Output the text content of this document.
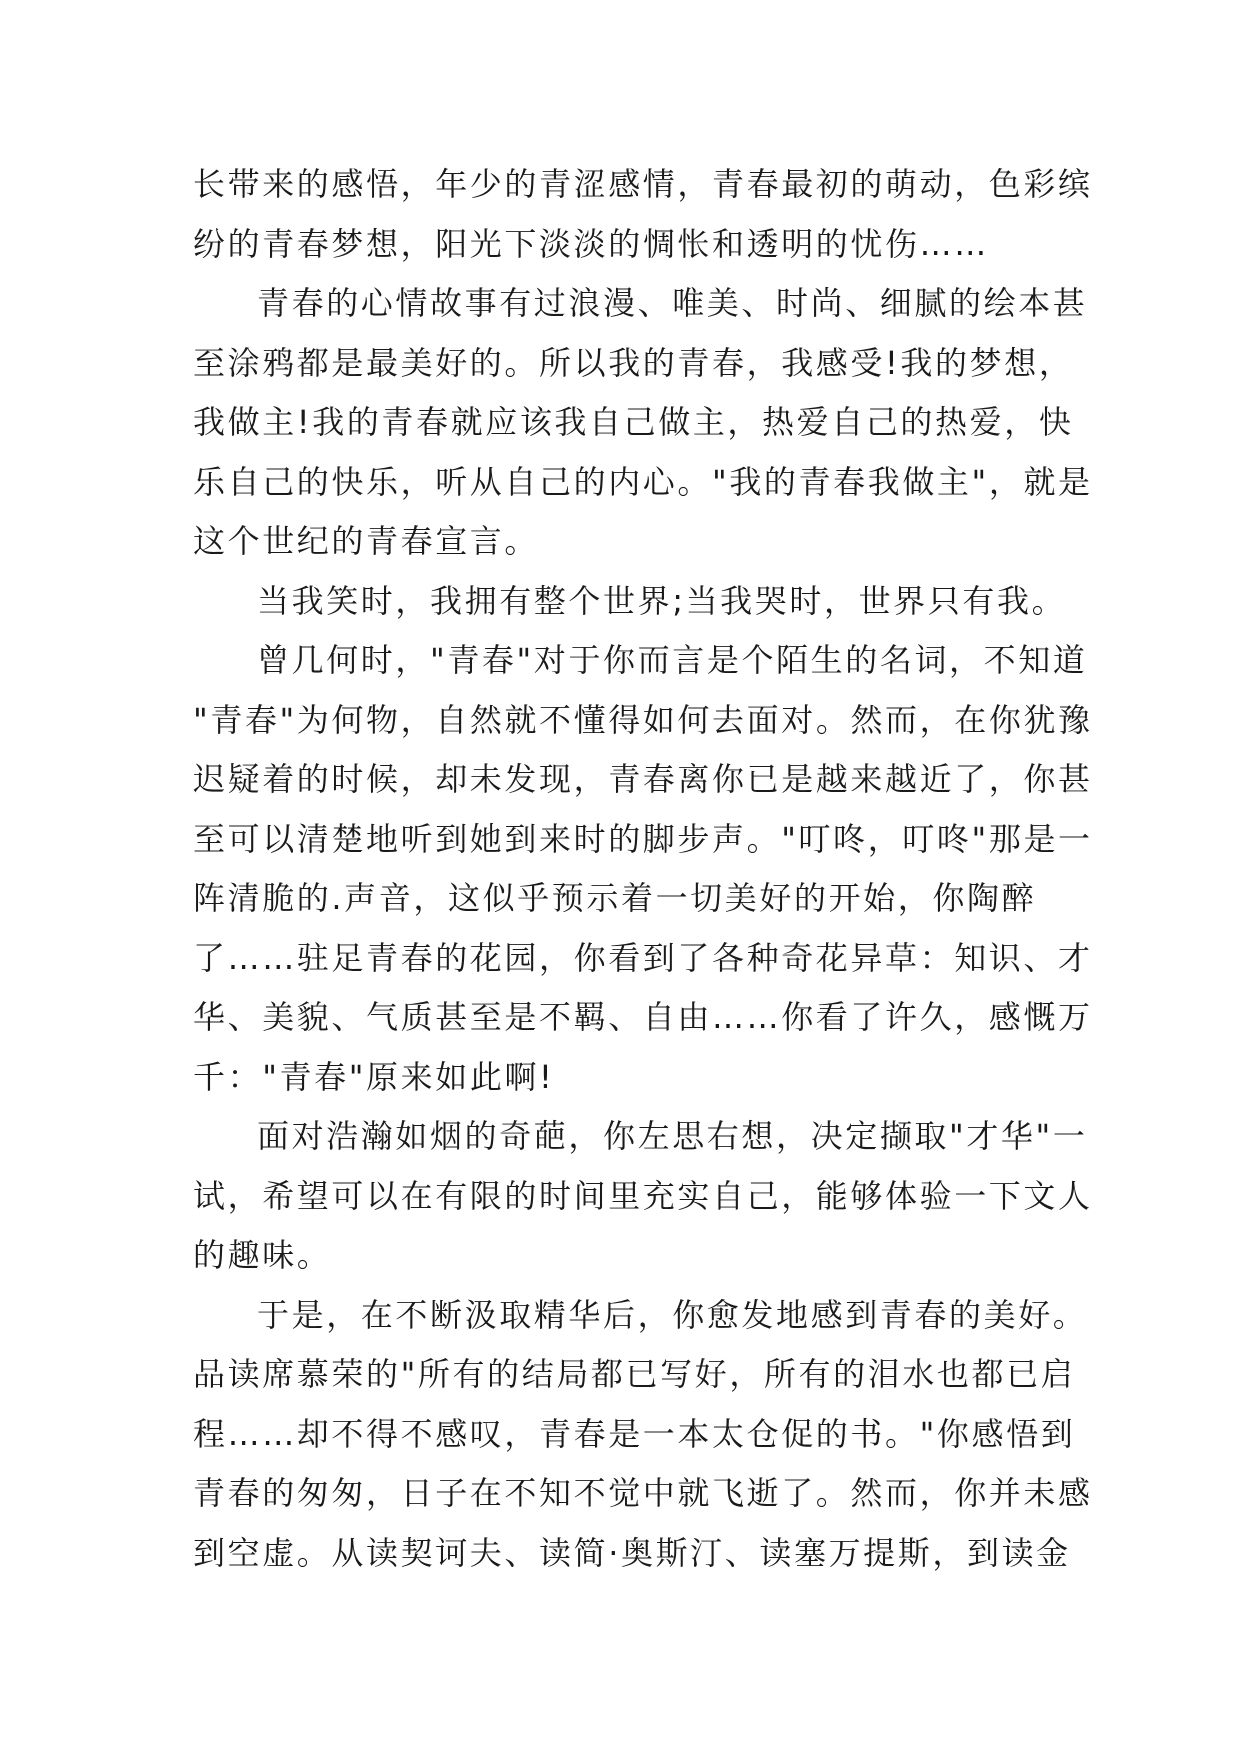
长带来的感悟，年少的青涩感情，青春最初的萌动，色彩缤
纷的青春梦想，阳光下淡淡的惆怅和透明的忧伤……
青春的心情故事有过浪漫、唯美、时尚、细腻的绘本甚
至涂鸦都是最美好的。所以我的青春，我感受!我的梦想，
我做主!我的青春就应该我自己做主，热爱自己的热爱，快
乐自己的快乐，听从自己的内心。"我的青春我做主"，就是
这个世纪的青春宣言。
当我笑时，我拥有整个世界;当我哭时，世界只有我。
曾几何时，"青春"对于你而言是个陌生的名词，不知道
"青春"为何物，自然就不懂得如何去面对。然而，在你犹豫
迟疑着的时候，却未发现，青春离你已是越来越近了，你甚
至可以清楚地听到她到来时的脚步声。"叮咚，叮咚"那是一
阵清脆的.声音，这似乎预示着一切美好的开始，你陶醉
了……驻足青春的花园，你看到了各种奇花异草：知识、才
华、美貌、气质甚至是不羁、自由……你看了许久，感慨万
千："青春"原来如此啊!
面对浩瀚如烟的奇葩，你左思右想，决定撷取"才华"一
试，希望可以在有限的时间里充实自己，能够体验一下文人
的趣味。
于是，在不断汲取精华后，你愈发地感到青春的美好。
品读席慕荣的"所有的结局都已写好，所有的泪水也都已启
程……却不得不感叹，青春是一本太仓促的书。"你感悟到
青春的匆匆，日子在不知不觉中就飞逝了。然而，你并未感
到空虚。从读契诃夫、读简·奥斯汀、读塞万提斯，到读金
